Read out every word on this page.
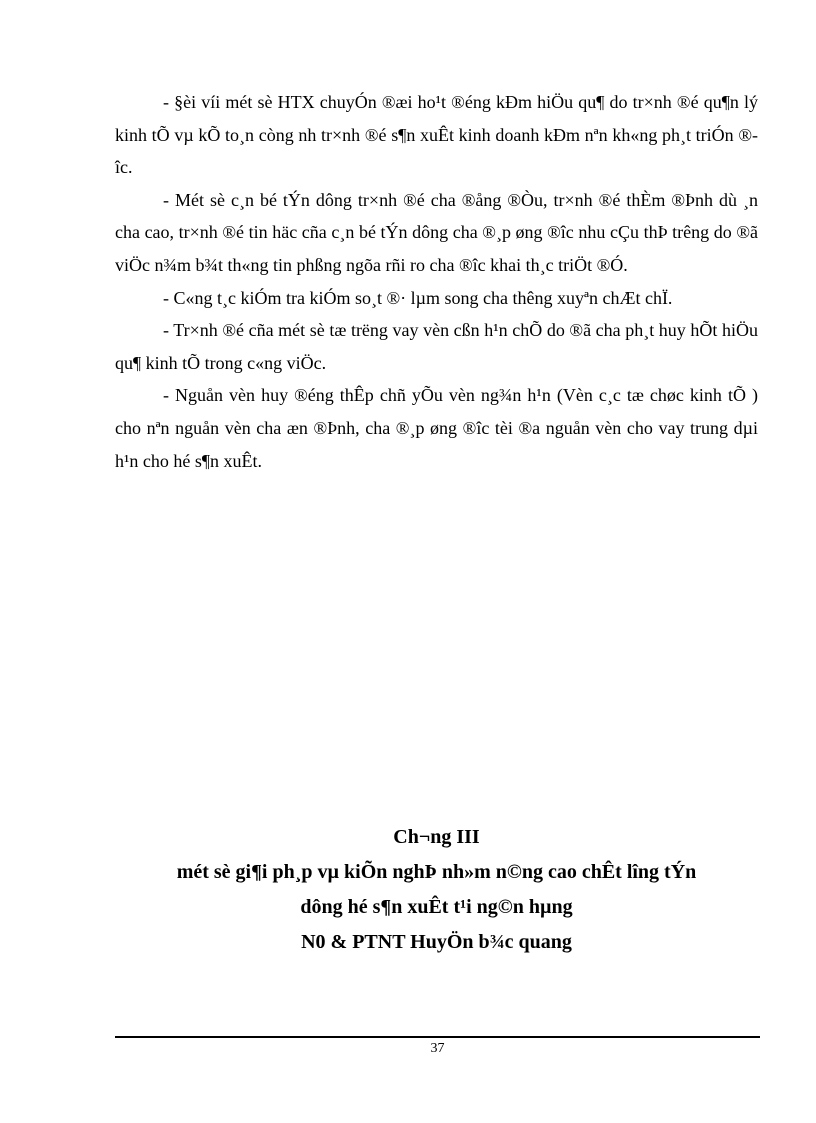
- §èi víi mét sè HTX chuyÓn ®æi ho¹t ®éng kÐm hiÖu qu¶ do tr×nh ®é qu¶n lý kinh tÕ vµ kÕ to¸n còng nh tr×nh ®é s¶n xuÊt kinh doanh kÐm nªn kh«ng ph¸t triÓn ®îc.

- Mét sè c¸n bé tÝn dông tr×nh ®é cha ®ång ®Òu, tr×nh ®é thÈm ®Þnh dù ¸n cha cao, tr×nh ®é tin häc cña c¸n bé tÝn dông cha ®¸p øng ®îc nhu cÇu thÞ trêng do ®ã viÖc n¾m b¾t th«ng tin phßng ngõa rñi ro cha ®îc khai th¸c triÖt ®Ó.

- C«ng t¸c kiÓm tra kiÓm so¸t ®· lµm song cha thêng xuyªn chÆt chÏ.

- Tr×nh ®é cña mét sè tæ trëng vay vèn cßn h¹n chÕ do ®ã cha ph¸t huy hÕt hiÖu qu¶ kinh tÕ trong c«ng viÖc.

- Nguån vèn huy ®éng thÊp chñ yÕu vèn ng¾n h¹n (Vèn c¸c tæ chøc kinh tÕ ) cho nªn nguån vèn cha æn ®Þnh, cha ®¸p øng ®îc tèi ®a nguån vèn cho vay trung dµi h¹n cho hé s¶n xuÊt.

Ch¬ng III
mét sè gi¶i ph¸p vµ kiÕn nghÞ nh»m n©ng cao chÊt lîng tÝn
dông hé s¶n xuÊt t¹i ng©n hµng
N0 & PTNT HuyÖn b¾c quang
37
